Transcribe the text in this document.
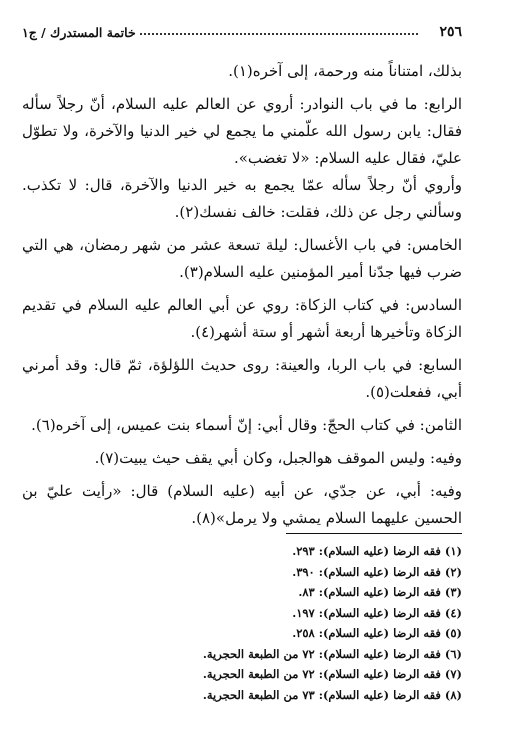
٢٥٦
خاتمة المستدرك / ج١

بذلك، امتناناً منه ورحمة، إلى آخره(١).

الرابع: ما في باب النوادر: أروي عن العالم عليه السلام، أنّ رجلاً سأله فقال: يابن رسول الله علّمني ما يجمع لي خير الدنيا والآخرة، ولا تطوّل عليّ، فقال عليه السلام: «لا تغضب».

وأروي أنّ رجلاً سأله عمّا يجمع به خير الدنيا والآخرة، قال: لا تكذب. وسألني رجل عن ذلك، فقلت: خالف نفسك(٢).

الخامس: في باب الأغسال: ليلة تسعة عشر من شهر رمضان، هي التي ضرب فيها جدّنا أمير المؤمنين عليه السلام(٣).

السادس: في كتاب الزكاة: روي عن أبي العالم عليه السلام في تقديم الزكاة وتأخيرها أربعة أشهر أو ستة أشهر(٤).

السابع: في باب الربا، والعينة: روى حديث اللؤلؤة، ثمّ قال: وقد أمرني أبي، ففعلت(٥).

الثامن: في كتاب الحجّ: وقال أبي: إنّ أسماء بنت عميس، إلى آخره(٦).

وفيه: وليس الموقف هوالجبل، وكان أبي يقف حيث يبيت(٧).

وفيه: أبي، عن جدّي، عن أبيه (عليه السلام) قال: «رأيت عليّ بن الحسين عليهما السلام يمشي ولا يرمل»(٨).

(١) فقه الرضا (عليه السلام): ٢٩٣.
(٢) فقه الرضا (عليه السلام): ٣٩٠.
(٣) فقه الرضا (عليه السلام): ٨٣.
(٤) فقه الرضا (عليه السلام): ١٩٧.
(٥) فقه الرضا (عليه السلام): ٢٥٨.
(٦) فقه الرضا (عليه السلام): ٧٢ من الطبعة الحجرية.
(٧) فقه الرضا (عليه السلام): ٧٢ من الطبعة الحجرية.
(٨) فقه الرضا (عليه السلام): ٧٣ من الطبعة الحجرية.
